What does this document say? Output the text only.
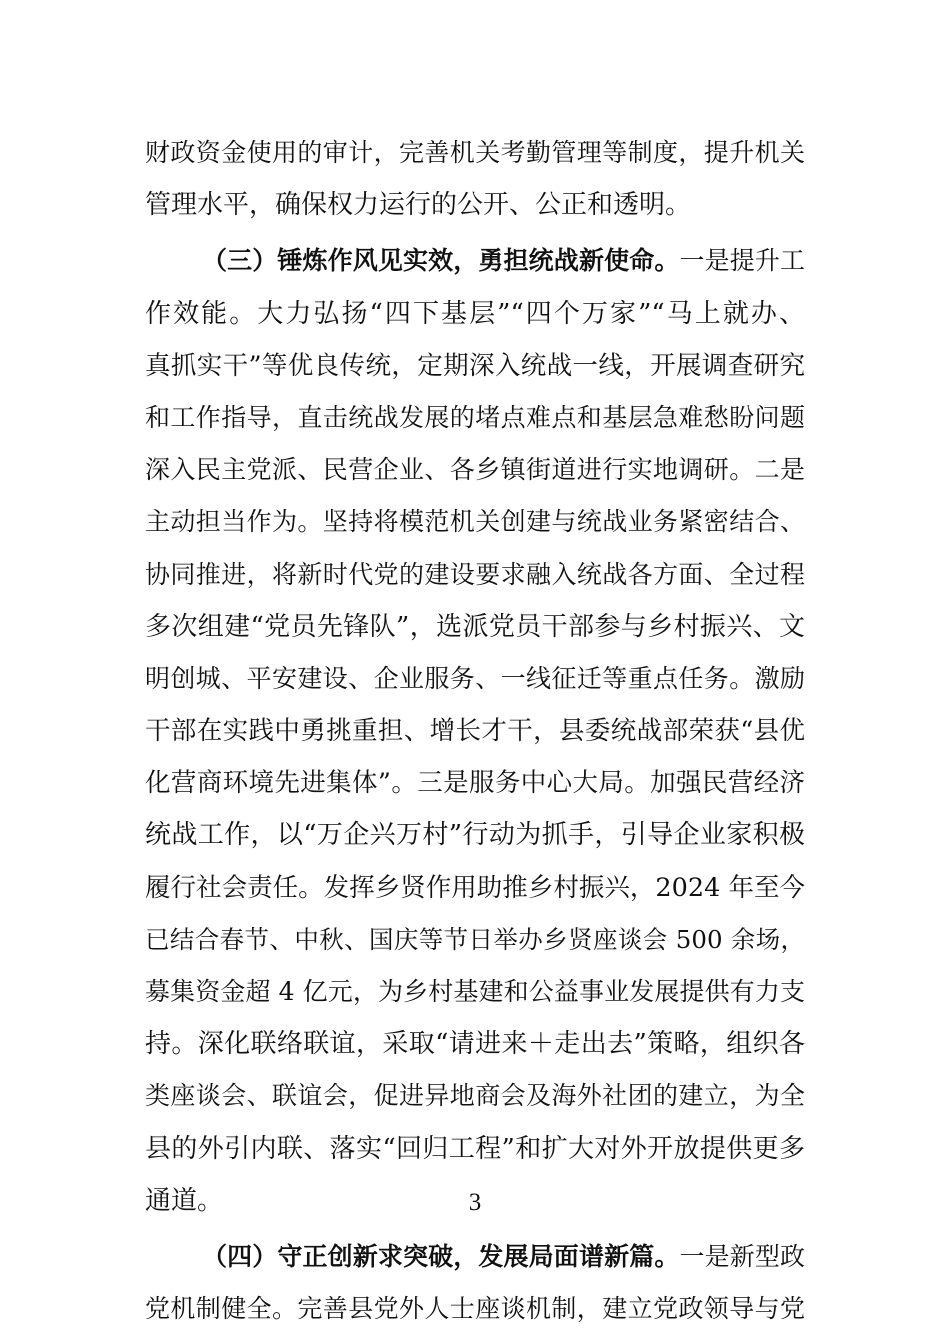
财政资金使用的审计，完善机关考勤管理等制度，提升机关
管理水平，确保权力运行的公开、公正和透明。
（三）锤炼作风见实效，勇担统战新使命。一是提升工
作效能。大力弘扬“四下基层”“四个万家”“马上就办、
真抓实干”等优良传统，定期深入统战一线，开展调查研究
和工作指导，直击统战发展的堵点难点和基层急难愁盼问题
深入民主党派、民营企业、各乡镇街道进行实地调研。二是
主动担当作为。坚持将模范机关创建与统战业务紧密结合、
协同推进，将新时代党的建设要求融入统战各方面、全过程
多次组建“党员先锋队”，选派党员干部参与乡村振兴、文
明创城、平安建设、企业服务、一线征迁等重点任务。激励
干部在实践中勇挑重担、增长才干，县委统战部荣获“县优
化营商环境先进集体”。三是服务中心大局。加强民营经济
统战工作，以“万企兴万村”行动为抓手，引导企业家积极
履行社会责任。发挥乡贤作用助推乡村振兴，2024 年至今
已结合春节、中秋、国庆等节日举办乡贤座谈会 500 余场，
募集资金超 4 亿元，为乡村基建和公益事业发展提供有力支
持。深化联络联谊，采取“请进来＋走出去”策略，组织各
类座谈会、联谊会，促进异地商会及海外社团的建立，为全
县的外引内联、落实“回归工程”和扩大对外开放提供更多
通道。
（四）守正创新求突破，发展局面谱新篇。一是新型政
党机制健全。完善县党外人士座谈机制，建立党政领导与党
3
